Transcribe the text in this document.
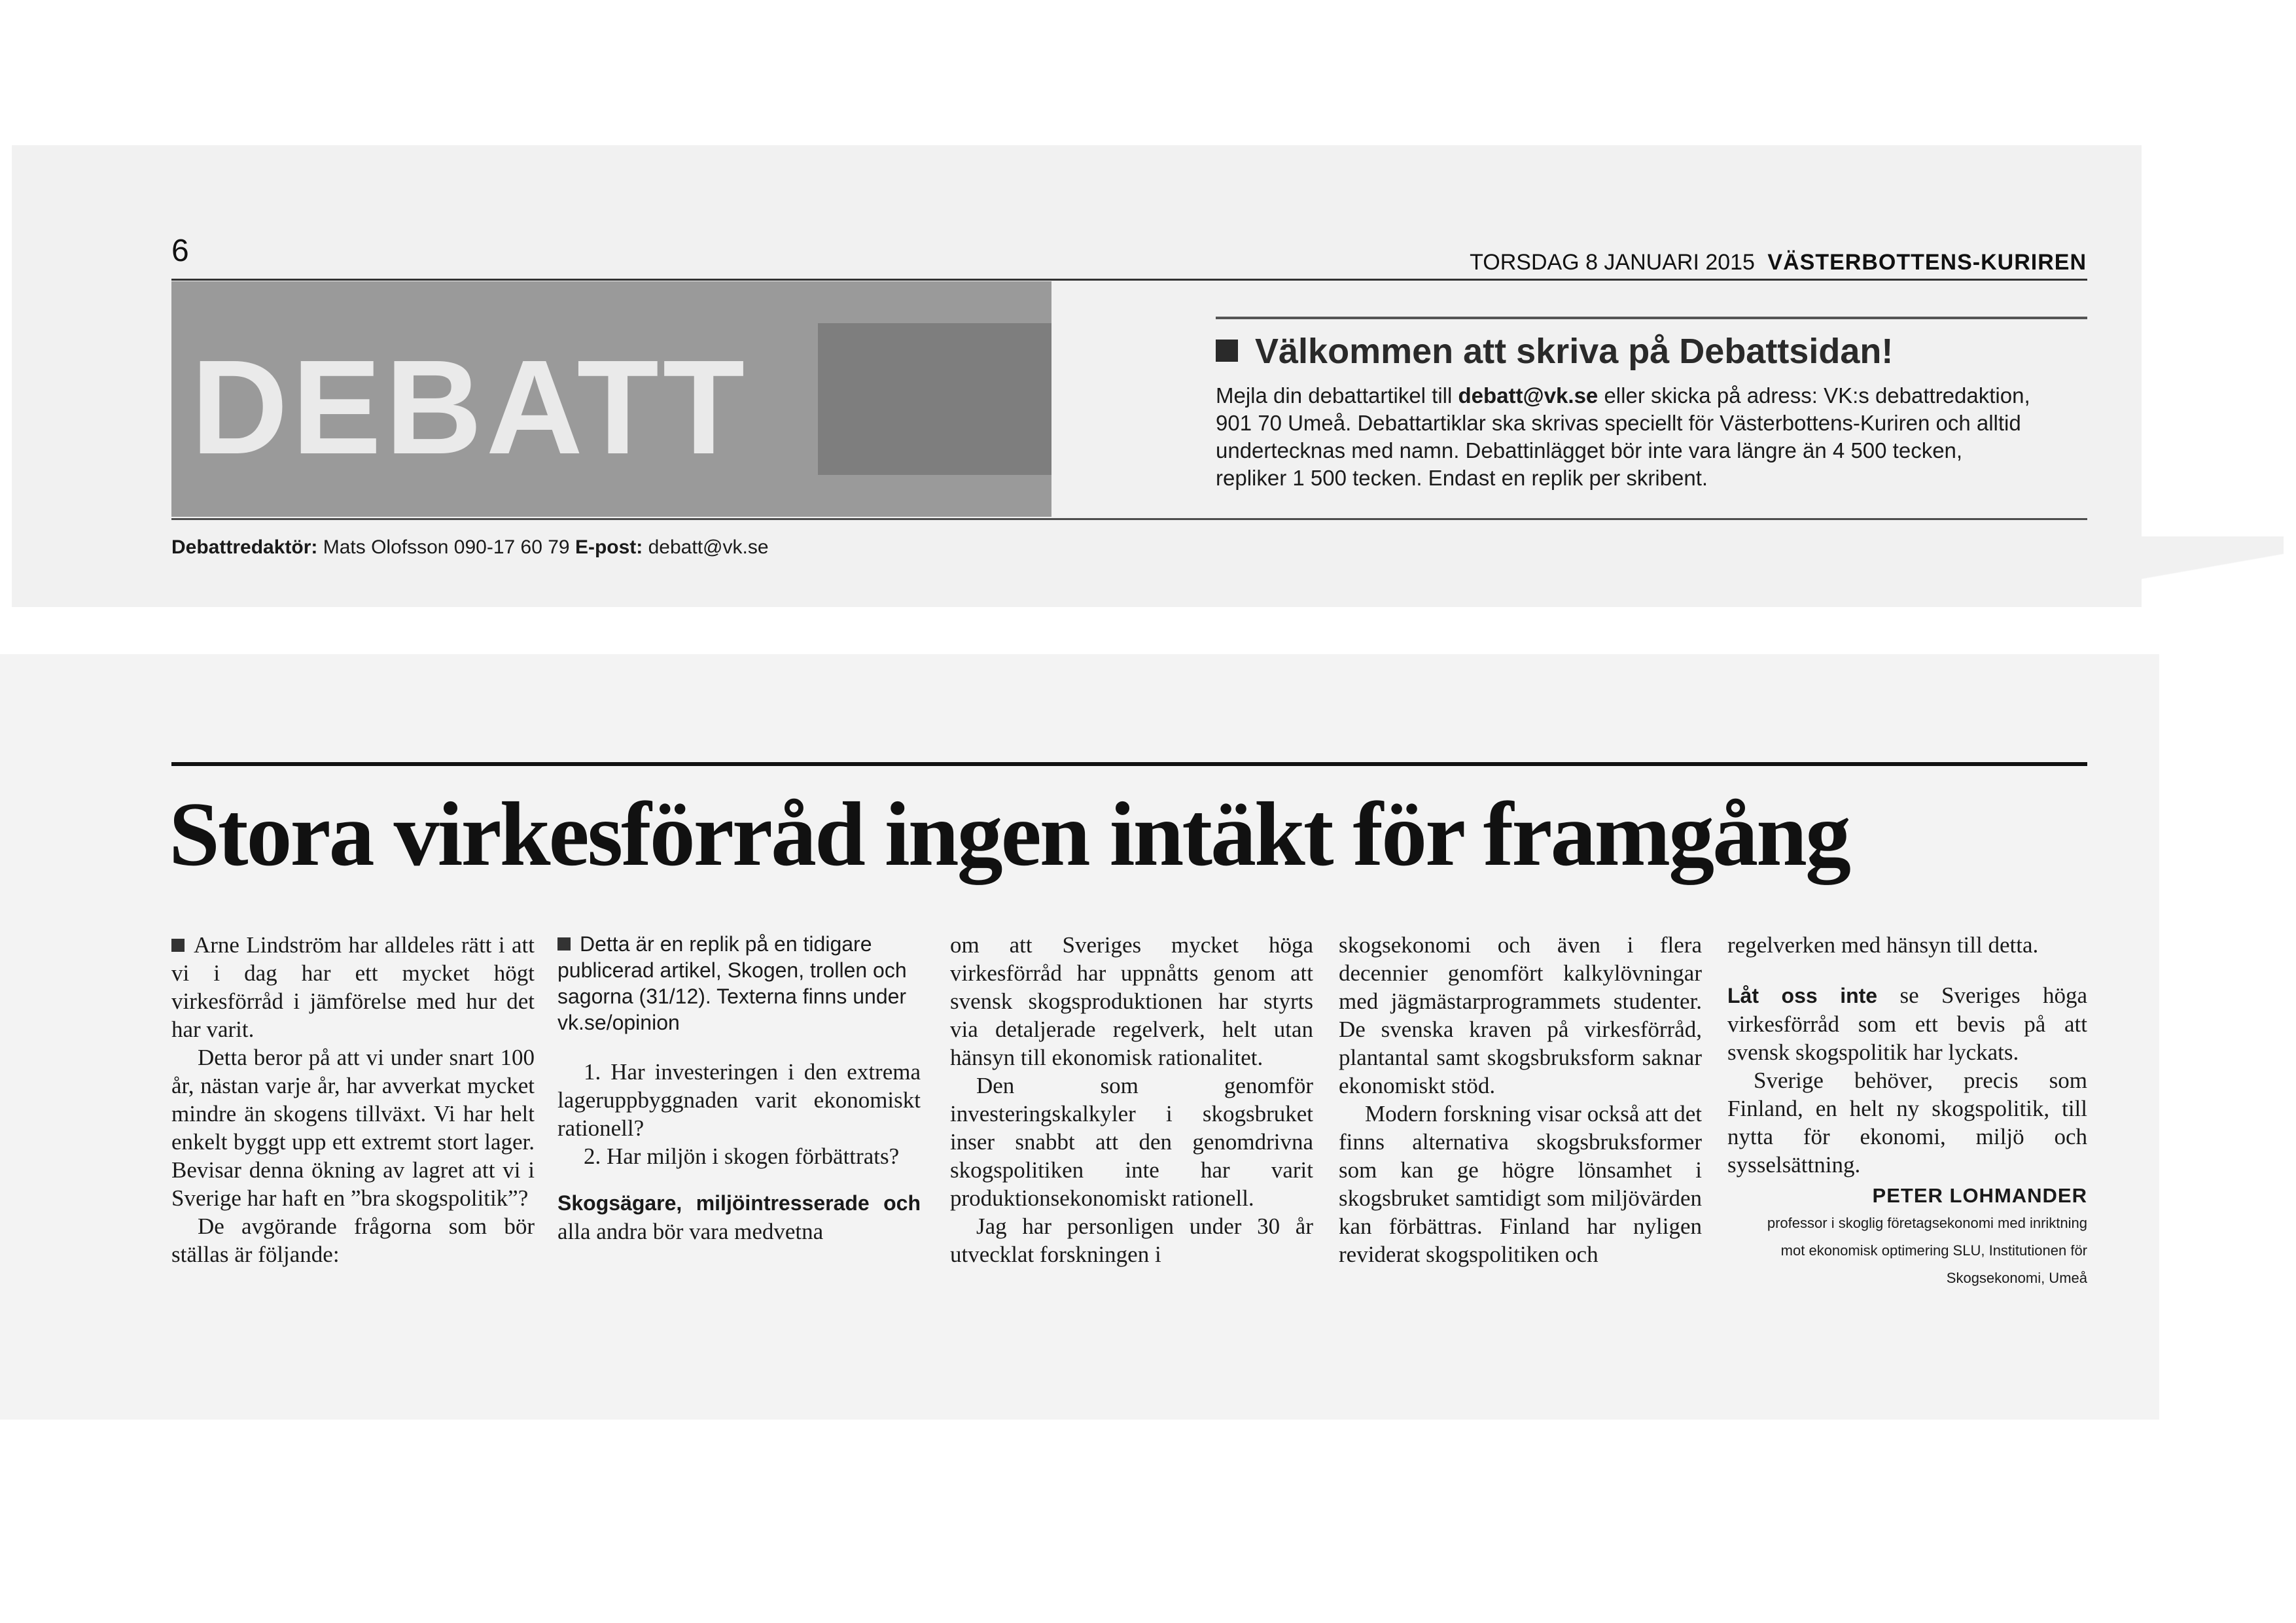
6	TORSDAG 8 JANUARI 2015 VÄSTERBOTTENS-KURIREN
DEBATT	Välkommen att skriva på Debattsidan!
Mejla din debattartikel till debatt@vk.se eller skicka på adress: VK:s debattredaktion,
901 70 Umeå. Debattartiklar ska skrivas speciellt för Västerbottens-Kuriren och alltid
undertecknas med namn. Debattinlägget bör inte vara längre än 4 500 tecken,
repliker 1 500 tecken. Endast en replik per skribent.
Debattredaktör: Mats Olofsson 090-17 60 79 E-post: debatt@vk.se
Stora virkesförråd ingen intäkt för framgång

Arne Lindström har alldeles rätt i att vi i dag har ett mycket högt virkesförråd i jämförelse med hur det har varit.

Detta beror på att vi under snart 100 år, nästan varje år, har avverkat mycket mindre än skogens tillväxt. Vi har helt enkelt byggt upp ett extremt stort lager. Bevisar denna ökning av lagret att vi i Sverige har haft en ”bra skogspolitik”?

De avgörande frågorna som bör ställas är följande:

Detta är en replik på en tidigare publicerad artikel, Skogen, trollen och sagorna (31/12). Texterna finns under vk.se/opinion

1. Har investeringen i den extrema lageruppbyggnaden varit ekonomiskt rationell?

2. Har miljön i skogen förbättrats?

Skogsägare, miljöintresserade och alla andra bör vara medvetna

om att Sveriges mycket höga virkesförråd har uppnåtts genom att svensk skogsproduktionen har styrts via detaljerade regelverk, helt utan hänsyn till ekonomisk rationalitet.

Den som genomför investeringskalkyler i skogsbruket inser snabbt att den genomdrivna skogspolitiken inte har varit produktionsekonomiskt rationell.

Jag har personligen under 30 år utvecklat forskningen i

skogsekonomi och även i flera decennier genomfört kalkylövningar med jägmästarprogrammets studenter. De svenska kraven på virkesförråd, plantantal samt skogsbruksform saknar ekonomiskt stöd.

Modern forskning visar också att det finns alternativa skogsbruksformer som kan ge högre lönsamhet i skogsbruket samtidigt som miljövärden kan förbättras. Finland har nyligen reviderat skogspolitiken och

regelverken med hänsyn till detta.

Låt oss inte se Sveriges höga virkesförråd som ett bevis på att svensk skogspolitik har lyckats.

Sverige behöver, precis som Finland, en helt ny skogspolitik, till nytta för ekonomi, miljö och sysselsättning.

PETER LOHMANDER
professor i skoglig företagsekonomi med inriktning
mot ekonomisk optimering SLU, Institutionen för
Skogsekonomi, Umeå
